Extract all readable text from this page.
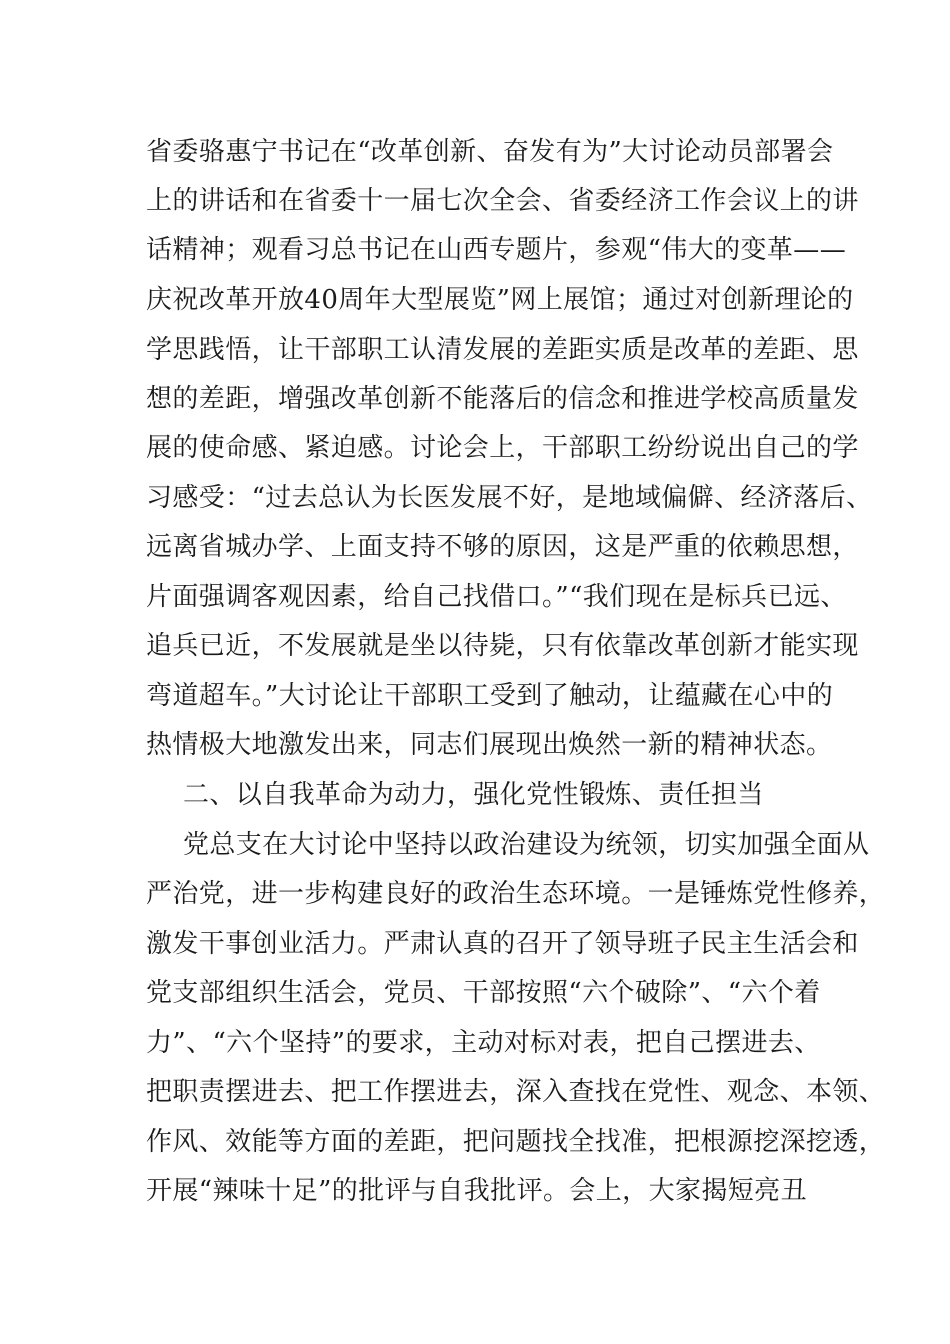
省委骆惠宁书记在“改革创新、奋发有为”大讨论动员部署会
上的讲话和在省委十一届七次全会、省委经济工作会议上的讲
话精神；观看习总书记在山西专题片，参观“伟大的变革——
庆祝改革开放40周年大型展览”网上展馆；通过对创新理论的
学思践悟，让干部职工认清发展的差距实质是改革的差距、思
想的差距，增强改革创新不能落后的信念和推进学校高质量发
展的使命感、紧迫感。讨论会上，干部职工纷纷说出自己的学
习感受：“过去总认为长医发展不好，是地域偏僻、经济落后、
远离省城办学、上面支持不够的原因，这是严重的依赖思想，
片面强调客观因素，给自己找借口。”“我们现在是标兵已远、
追兵已近，不发展就是坐以待毙，只有依靠改革创新才能实现
弯道超车。”大讨论让干部职工受到了触动，让蕴藏在心中的
热情极大地激发出来，同志们展现出焕然一新的精神状态。
二、以自我革命为动力，强化党性锻炼、责任担当
党总支在大讨论中坚持以政治建设为统领，切实加强全面从
严治党，进一步构建良好的政治生态环境。一是锤炼党性修养，
激发干事创业活力。严肃认真的召开了领导班子民主生活会和
党支部组织生活会，党员、干部按照“六个破除”、“六个着
力”、“六个坚持”的要求，主动对标对表，把自己摆进去、
把职责摆进去、把工作摆进去，深入查找在党性、观念、本领、
作风、效能等方面的差距，把问题找全找准，把根源挖深挖透，
开展“辣味十足”的批评与自我批评。会上，大家揭短亮丑
